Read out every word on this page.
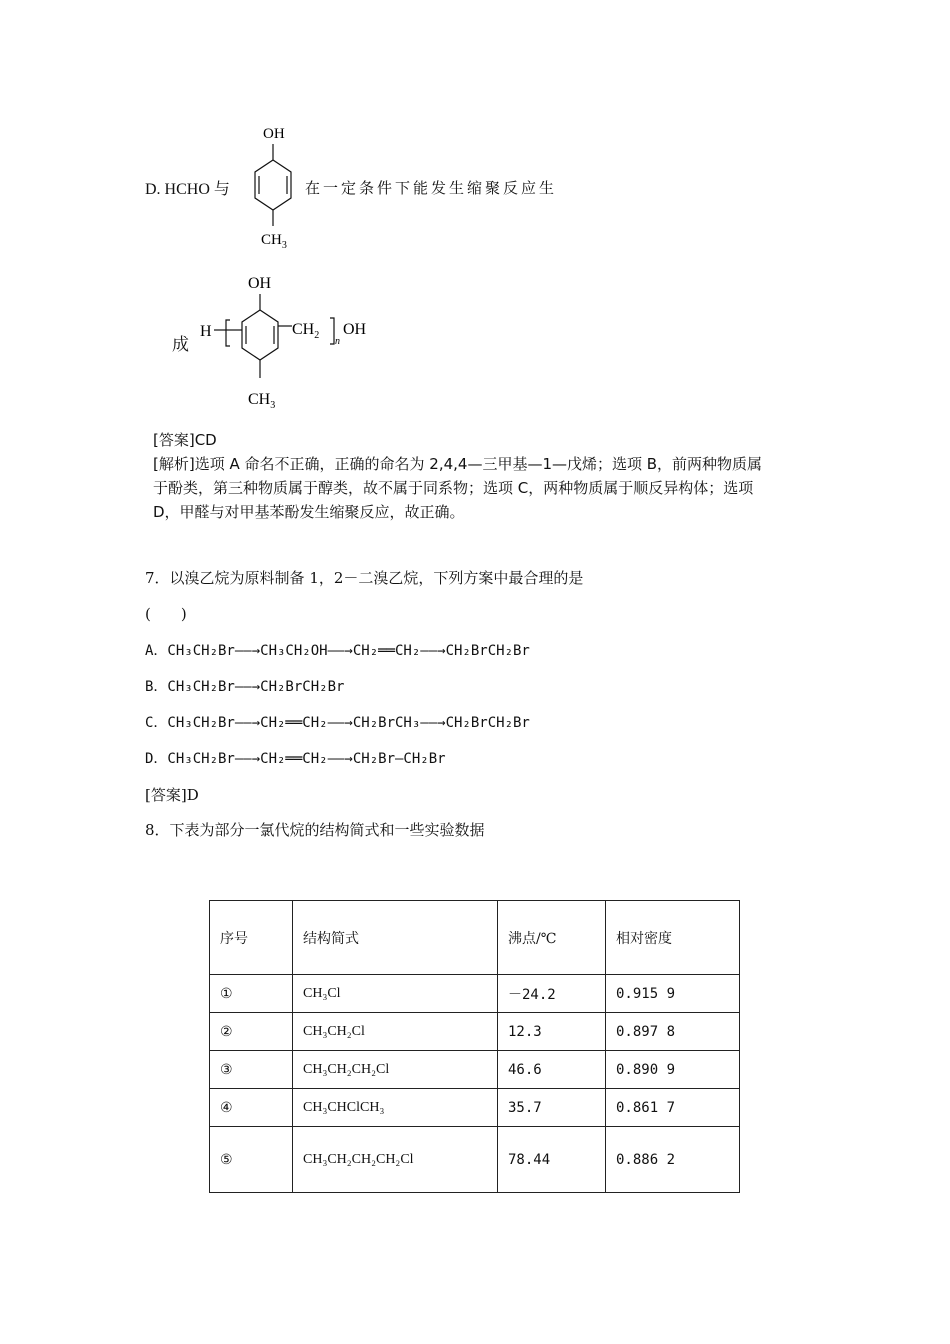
D. HCHO 与
OH
$CH_3$
在一定条件下能发生缩聚反应生
成
OH
H	$CH_2$
n
OH
$CH_3$
[答案]CD
[解析]选项 A 命名不正确，正确的命名为 2,4,4—三甲基—1—戊烯；选项 B，前两种物质属
于酚类，第三种物质属于醇类，故不属于同系物；选项 C，两种物质属于顺反异构体；选项
D，甲醛与对甲基苯酚发生缩聚反应，故正确。
7．以溴乙烷为原料制备 1，2－二溴乙烷，下列方案中最合理的是
(　　)
A．CH₃CH₂Br——→CH₃CH₂OH——→CH₂══CH₂——→CH₂BrCH₂Br
B．CH₃CH₂Br——→CH₂BrCH₂Br
C．CH₃CH₂Br——→CH₂══CH₂——→CH₂BrCH₃——→CH₂BrCH₂Br
D．CH₃CH₂Br——→CH₂══CH₂——→CH₂Br—CH₂Br
[答案]D
8．下表为部分一氯代烷的结构简式和一些实验数据
序号	结构简式	沸点/℃	相对密度
①	CH₃Cl	－24.2	0.915 9
②	CH₃CH₂Cl	12.3	0.897 8
③	CH₃CH₂CH₂Cl	46.6	0.890 9
④	CH₃CHClCH₃	35.7	0.861 7
⑤	CH₃CH₂CH₂CH₂Cl	78.44	0.886 2
